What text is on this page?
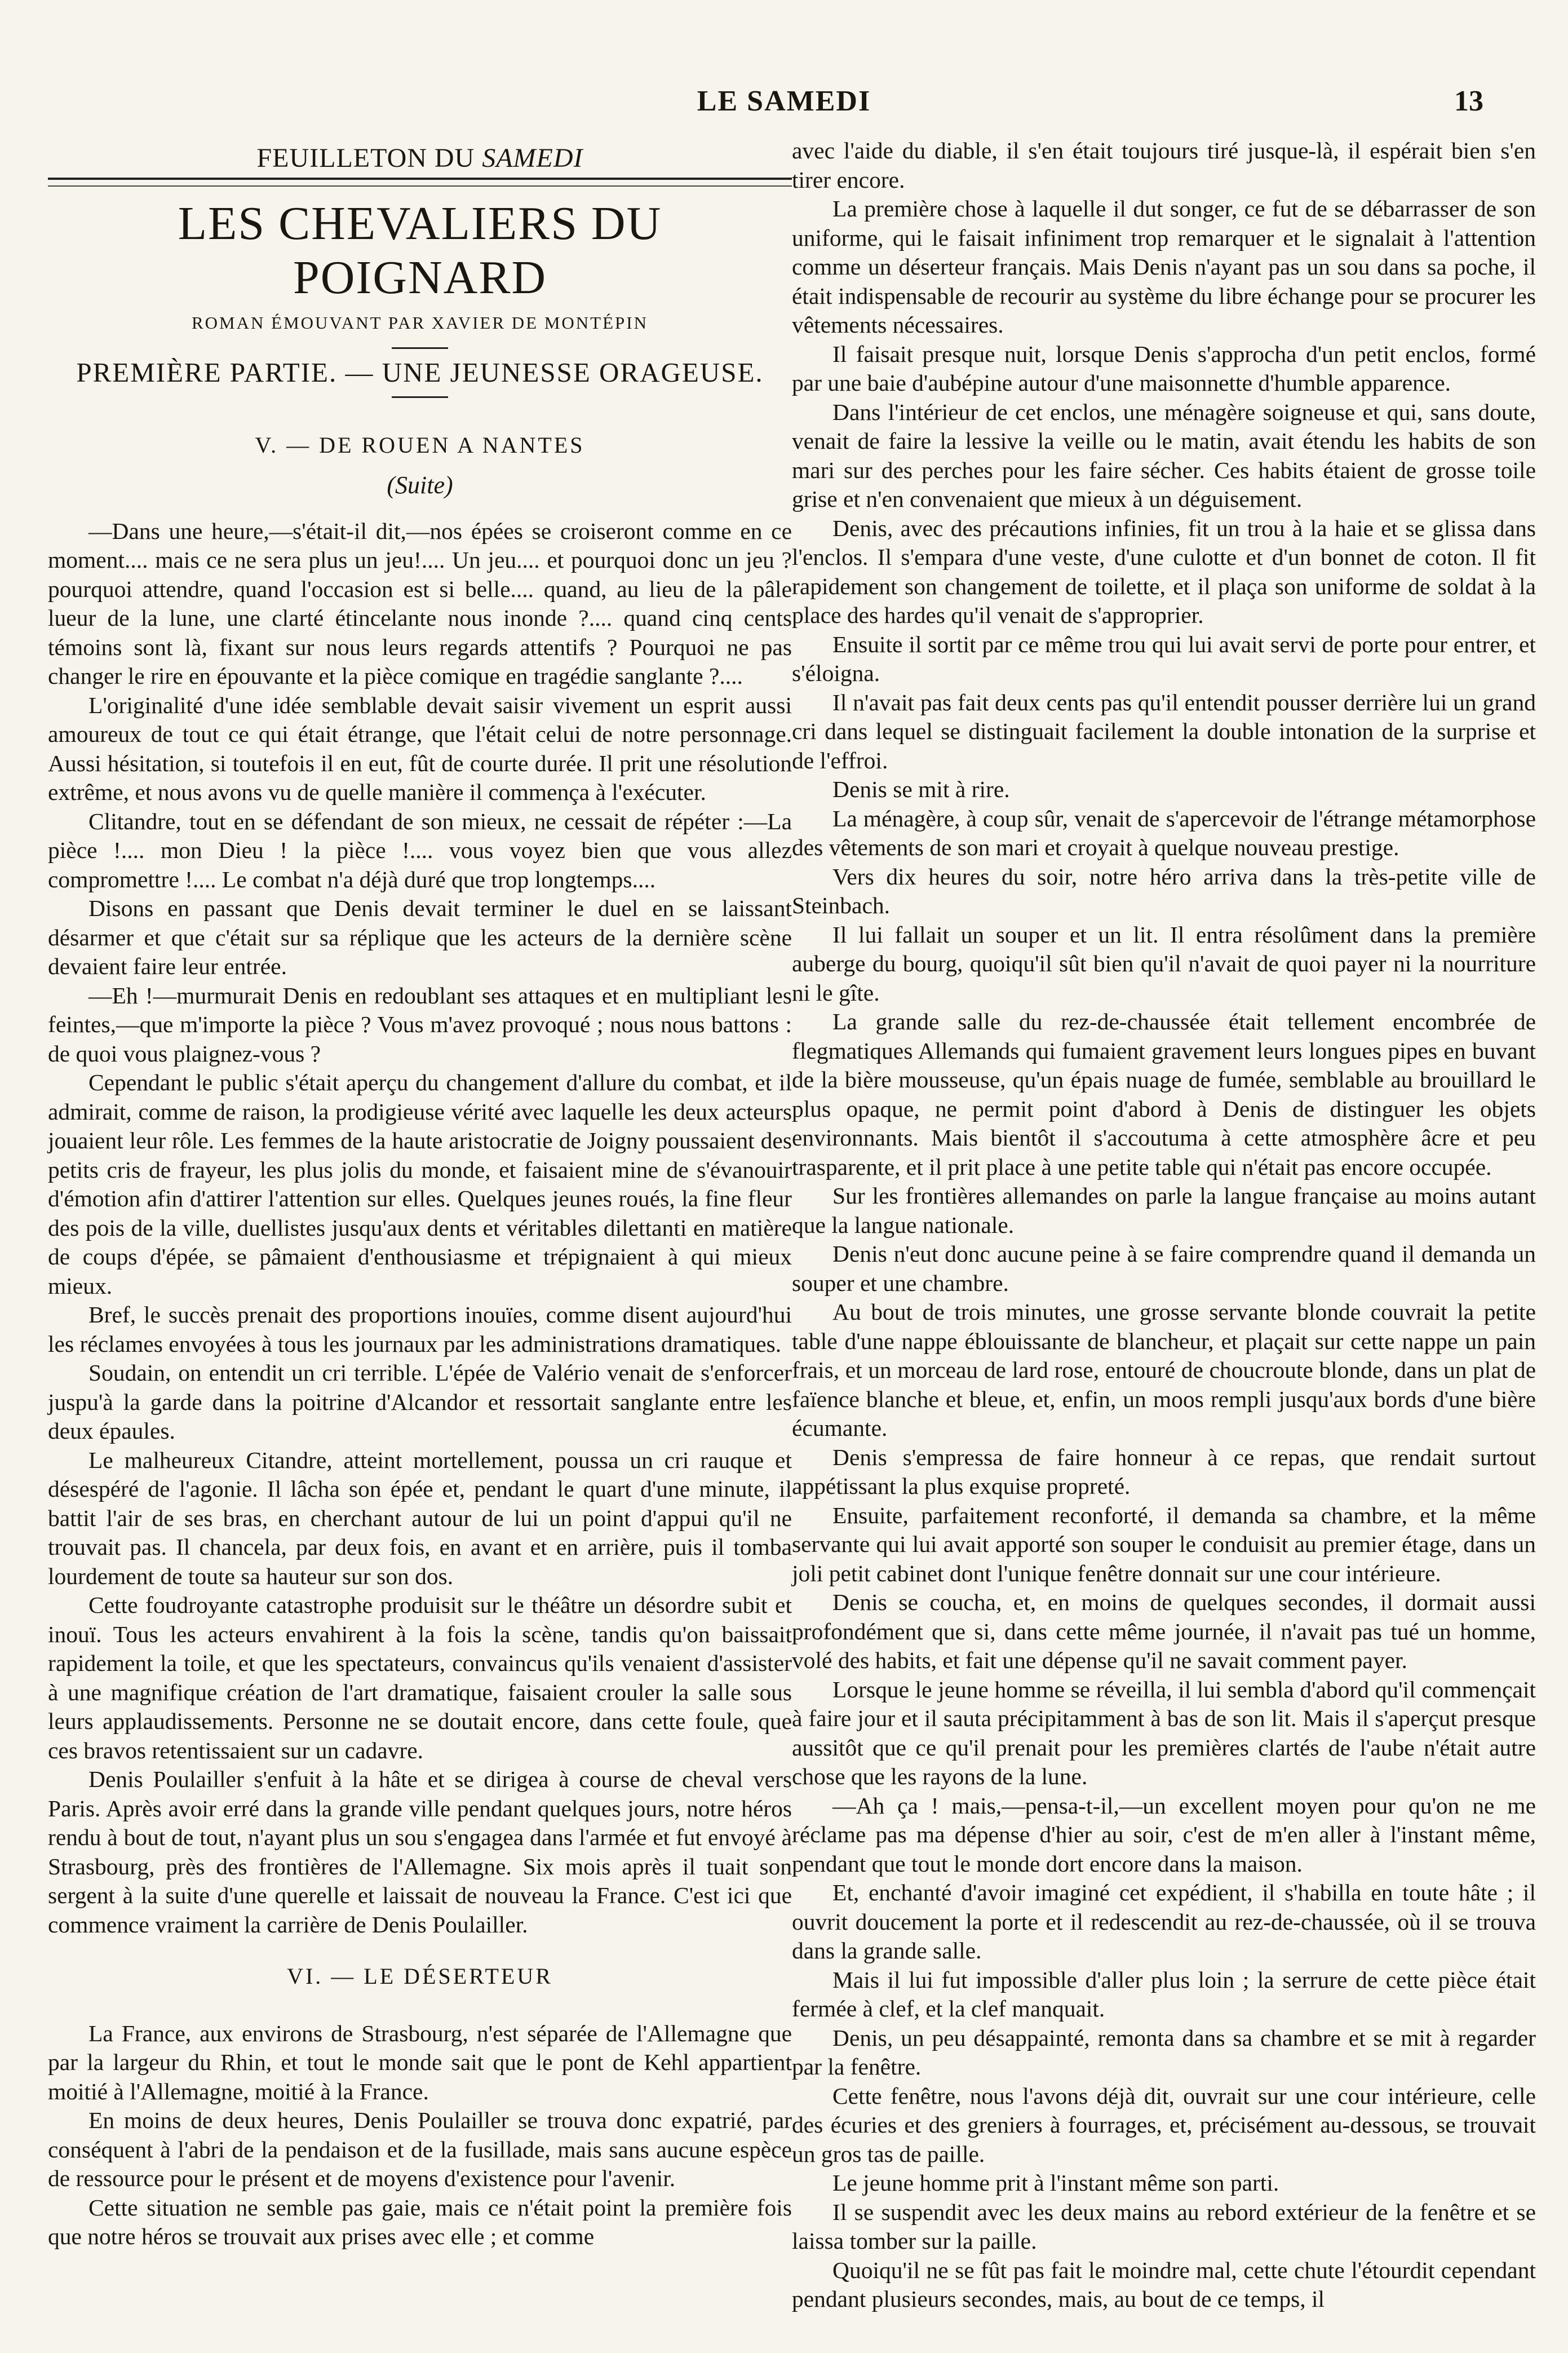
LE SAMEDI	13
FEUILLETON DU SAMEDI
LES CHEVALIERS DU POIGNARD
ROMAN ÉMOUVANT PAR XAVIER DE MONTÉPIN
PREMIÈRE PARTIE. — UNE JEUNESSE ORAGEUSE.
V. — DE ROUEN A NANTES
(Suite)

—Dans une heure,—s'était-il dit,—nos épées se croiseront comme en ce moment.... mais ce ne sera plus un jeu!.... Un jeu.... et pourquoi donc un jeu ? pourquoi attendre, quand l'occasion est si belle.... quand, au lieu de la pâle lueur de la lune, une clarté étincelante nous inonde ?.... quand cinq cents témoins sont là, fixant sur nous leurs regards attentifs ? Pourquoi ne pas changer le rire en épouvante et la pièce comique en tragédie sanglante ?....

L'originalité d'une idée semblable devait saisir vivement un esprit aussi amoureux de tout ce qui était étrange, que l'était celui de notre personnage. Aussi hésitation, si toutefois il en eut, fût de courte durée. Il prit une résolution extrême, et nous avons vu de quelle manière il commença à l'exécuter.

Clitandre, tout en se défendant de son mieux, ne cessait de répéter :—La pièce !.... mon Dieu ! la pièce !.... vous voyez bien que vous allez compromettre !.... Le combat n'a déjà duré que trop longtemps....

Disons en passant que Denis devait terminer le duel en se laissant désarmer et que c'était sur sa réplique que les acteurs de la dernière scène devaient faire leur entrée.

—Eh !—murmurait Denis en redoublant ses attaques et en multipliant les feintes,—que m'importe la pièce ? Vous m'avez provoqué ; nous nous battons : de quoi vous plaignez-vous ?

Cependant le public s'était aperçu du changement d'allure du combat, et il admirait, comme de raison, la prodigieuse vérité avec laquelle les deux acteurs jouaient leur rôle. Les femmes de la haute aristocratie de Joigny poussaient des petits cris de frayeur, les plus jolis du monde, et faisaient mine de s'évanouir d'émotion afin d'attirer l'attention sur elles. Quelques jeunes roués, la fine fleur des pois de la ville, duellistes jusqu'aux dents et véritables dilettanti en matière de coups d'épée, se pâmaient d'enthousiasme et trépignaient à qui mieux mieux.

Bref, le succès prenait des proportions inouïes, comme disent aujourd'hui les réclames envoyées à tous les journaux par les administrations dramatiques.

Soudain, on entendit un cri terrible. L'épée de Valério venait de s'enforcer juspu'à la garde dans la poitrine d'Alcandor et ressortait sanglante entre les deux épaules.

Le malheureux Citandre, atteint mortellement, poussa un cri rauque et désespéré de l'agonie. Il lâcha son épée et, pendant le quart d'une minute, il battit l'air de ses bras, en cherchant autour de lui un point d'appui qu'il ne trouvait pas. Il chancela, par deux fois, en avant et en arrière, puis il tomba lourdement de toute sa hauteur sur son dos.

Cette foudroyante catastrophe produisit sur le théâtre un désordre subit et inouï. Tous les acteurs envahirent à la fois la scène, tandis qu'on baissait rapidement la toile, et que les spectateurs, convaincus qu'ils venaient d'assister à une magnifique création de l'art dramatique, faisaient crouler la salle sous leurs applaudissements. Personne ne se doutait encore, dans cette foule, que ces bravos retentissaient sur un cadavre.

Denis Poulailler s'enfuit à la hâte et se dirigea à course de cheval vers Paris. Après avoir erré dans la grande ville pendant quelques jours, notre héros rendu à bout de tout, n'ayant plus un sou s'engagea dans l'armée et fut envoyé à Strasbourg, près des frontières de l'Allemagne. Six mois après il tuait son sergent à la suite d'une querelle et laissait de nouveau la France. C'est ici que commence vraiment la carrière de Denis Poulailler.

VI. — LE DÉSERTEUR

La France, aux environs de Strasbourg, n'est séparée de l'Allemagne que par la largeur du Rhin, et tout le monde sait que le pont de Kehl appartient moitié à l'Allemagne, moitié à la France.

En moins de deux heures, Denis Poulailler se trouva donc expatrié, par conséquent à l'abri de la pendaison et de la fusillade, mais sans aucune espèce de ressource pour le présent et de moyens d'existence pour l'avenir.

Cette situation ne semble pas gaie, mais ce n'était point la première fois que notre héros se trouvait aux prises avec elle ; et comme

avec l'aide du diable, il s'en était toujours tiré jusque-là, il espérait bien s'en tirer encore.

La première chose à laquelle il dut songer, ce fut de se débarrasser de son uniforme, qui le faisait infiniment trop remarquer et le signalait à l'attention comme un déserteur français. Mais Denis n'ayant pas un sou dans sa poche, il était indispensable de recourir au système du libre échange pour se procurer les vêtements nécessaires.

Il faisait presque nuit, lorsque Denis s'approcha d'un petit enclos, formé par une baie d'aubépine autour d'une maisonnette d'humble apparence.

Dans l'intérieur de cet enclos, une ménagère soigneuse et qui, sans doute, venait de faire la lessive la veille ou le matin, avait étendu les habits de son mari sur des perches pour les faire sécher. Ces habits étaient de grosse toile grise et n'en convenaient que mieux à un déguisement.

Denis, avec des précautions infinies, fit un trou à la haie et se glissa dans l'enclos. Il s'empara d'une veste, d'une culotte et d'un bonnet de coton. Il fit rapidement son changement de toilette, et il plaça son uniforme de soldat à la place des hardes qu'il venait de s'approprier.

Ensuite il sortit par ce même trou qui lui avait servi de porte pour entrer, et s'éloigna.

Il n'avait pas fait deux cents pas qu'il entendit pousser derrière lui un grand cri dans lequel se distinguait facilement la double intonation de la surprise et de l'effroi.

Denis se mit à rire.

La ménagère, à coup sûr, venait de s'apercevoir de l'étrange métamorphose des vêtements de son mari et croyait à quelque nouveau prestige.

Vers dix heures du soir, notre héro arriva dans la très-petite ville de Steinbach.

Il lui fallait un souper et un lit. Il entra résolûment dans la première auberge du bourg, quoiqu'il sût bien qu'il n'avait de quoi payer ni la nourriture ni le gîte.

La grande salle du rez-de-chaussée était tellement encombrée de flegmatiques Allemands qui fumaient gravement leurs longues pipes en buvant de la bière mousseuse, qu'un épais nuage de fumée, semblable au brouillard le plus opaque, ne permit point d'abord à Denis de distinguer les objets environnants. Mais bientôt il s'accoutuma à cette atmosphère âcre et peu trasparente, et il prit place à une petite table qui n'était pas encore occupée.

Sur les frontières allemandes on parle la langue française au moins autant que la langue nationale.

Denis n'eut donc aucune peine à se faire comprendre quand il demanda un souper et une chambre.

Au bout de trois minutes, une grosse servante blonde couvrait la petite table d'une nappe éblouissante de blancheur, et plaçait sur cette nappe un pain frais, et un morceau de lard rose, entouré de choucroute blonde, dans un plat de faïence blanche et bleue, et, enfin, un moos rempli jusqu'aux bords d'une bière écumante.

Denis s'empressa de faire honneur à ce repas, que rendait surtout appétissant la plus exquise propreté.

Ensuite, parfaitement reconforté, il demanda sa chambre, et la même servante qui lui avait apporté son souper le conduisit au premier étage, dans un joli petit cabinet dont l'unique fenêtre donnait sur une cour intérieure.

Denis se coucha, et, en moins de quelques secondes, il dormait aussi profondément que si, dans cette même journée, il n'avait pas tué un homme, volé des habits, et fait une dépense qu'il ne savait comment payer.

Lorsque le jeune homme se réveilla, il lui sembla d'abord qu'il commençait à faire jour et il sauta précipitamment à bas de son lit. Mais il s'aperçut presque aussitôt que ce qu'il prenait pour les premières clartés de l'aube n'était autre chose que les rayons de la lune.

—Ah ça ! mais,—pensa-t-il,—un excellent moyen pour qu'on ne me réclame pas ma dépense d'hier au soir, c'est de m'en aller à l'instant même, pendant que tout le monde dort encore dans la maison.

Et, enchanté d'avoir imaginé cet expédient, il s'habilla en toute hâte ; il ouvrit doucement la porte et il redescendit au rez-de-chaussée, où il se trouva dans la grande salle.

Mais il lui fut impossible d'aller plus loin ; la serrure de cette pièce était fermée à clef, et la clef manquait.

Denis, un peu désappainté, remonta dans sa chambre et se mit à regarder par la fenêtre.

Cette fenêtre, nous l'avons déjà dit, ouvrait sur une cour intérieure, celle des écuries et des greniers à fourrages, et, précisément au-dessous, se trouvait un gros tas de paille.

Le jeune homme prit à l'instant même son parti.

Il se suspendit avec les deux mains au rebord extérieur de la fenêtre et se laissa tomber sur la paille.

Quoiqu'il ne se fût pas fait le moindre mal, cette chute l'étourdit cependant pendant plusieurs secondes, mais, au bout de ce temps, il
